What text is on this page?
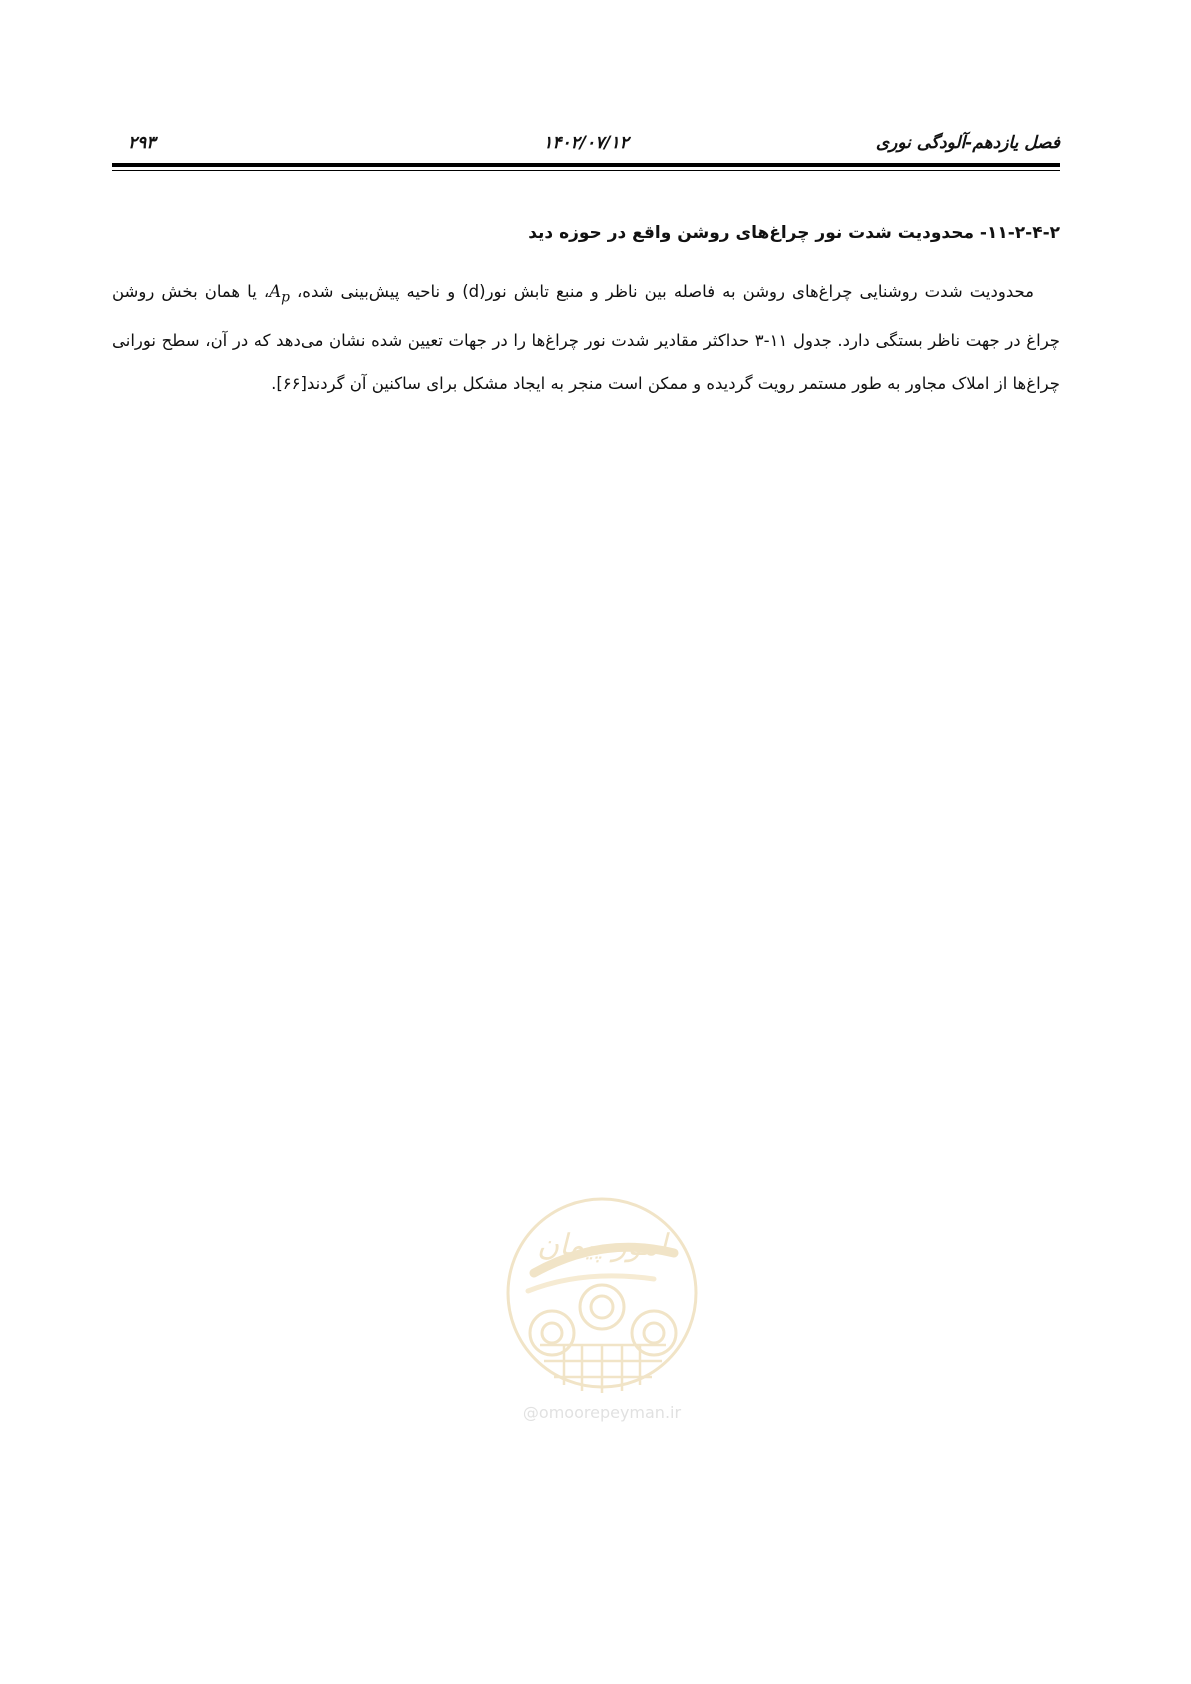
فصل یازدهم-آلودگی نوری
۱۴۰۲/۰۷/۱۲
۲۹۳
۱۱-۲-۴-۲- محدودیت شدت نور چراغ‌های روشن واقع در حوزه دید

محدودیت شدت روشنایی چراغ‌های روشن به فاصله بین ناظر و منبع تابش نور(d) و ناحیه پیش‌بینی شده، $A_p،$ یا همان بخش روشن چراغ در جهت ناظر بستگی دارد. جدول ۱۱-۳ حداکثر مقادیر شدت نور چراغ‌ها را در جهات تعیین شده نشان می‌دهد که در آن، سطح نورانی چراغ‌ها از املاک مجاور به طور مستمر رویت گردیده و ممکن است منجر به ایجاد مشکل برای ساکنین آن گردند[۶۶].

امور پیمان
@omoorepeyman.ir
